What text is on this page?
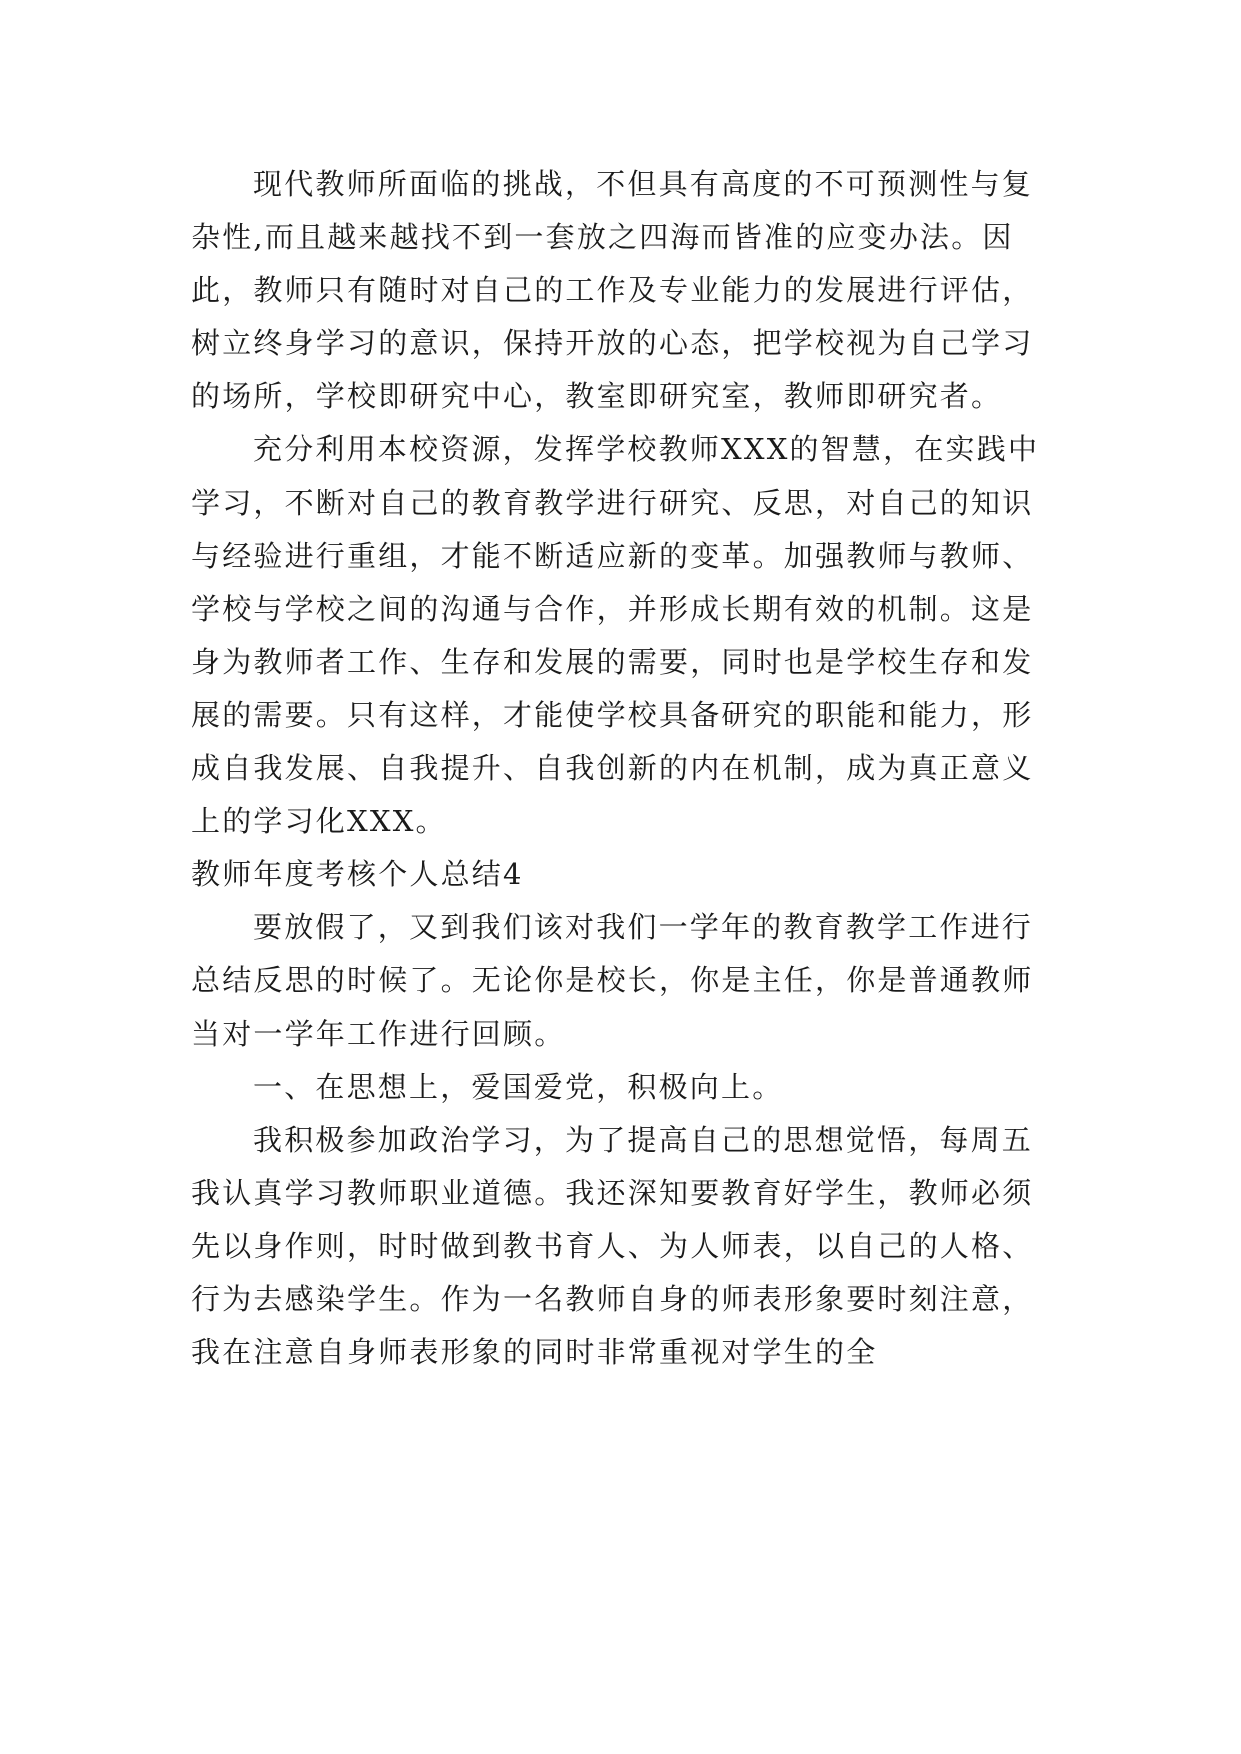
现代教师所面临的挑战，不但具有高度的不可预测性与复杂性,而且越来越找不到一套放之四海而皆准的应变办法。因此，教师只有随时对自己的工作及专业能力的发展进行评估，树立终身学习的意识，保持开放的心态，把学校视为自己学习的场所，学校即研究中心，教室即研究室，教师即研究者。

充分利用本校资源，发挥学校教师XXX的智慧，在实践中学习，不断对自己的教育教学进行研究、反思，对自己的知识与经验进行重组，才能不断适应新的变革。加强教师与教师、学校与学校之间的沟通与合作，并形成长期有效的机制。这是身为教师者工作、生存和发展的需要，同时也是学校生存和发展的需要。只有这样，才能使学校具备研究的职能和能力，形成自我发展、自我提升、自我创新的内在机制，成为真正意义上的学习化XXX。

教师年度考核个人总结4

要放假了，又到我们该对我们一学年的教育教学工作进行总结反思的时候了。无论你是校长，你是主任，你是普通教师当对一学年工作进行回顾。

一、在思想上，爱国爱党，积极向上。

我积极参加政治学习，为了提高自己的思想觉悟，每周五我认真学习教师职业道德。我还深知要教育好学生，教师必须先以身作则，时时做到教书育人、为人师表，以自己的人格、行为去感染学生。作为一名教师自身的师表形象要时刻注意，我在注意自身师表形象的同时非常重视对学生的全
